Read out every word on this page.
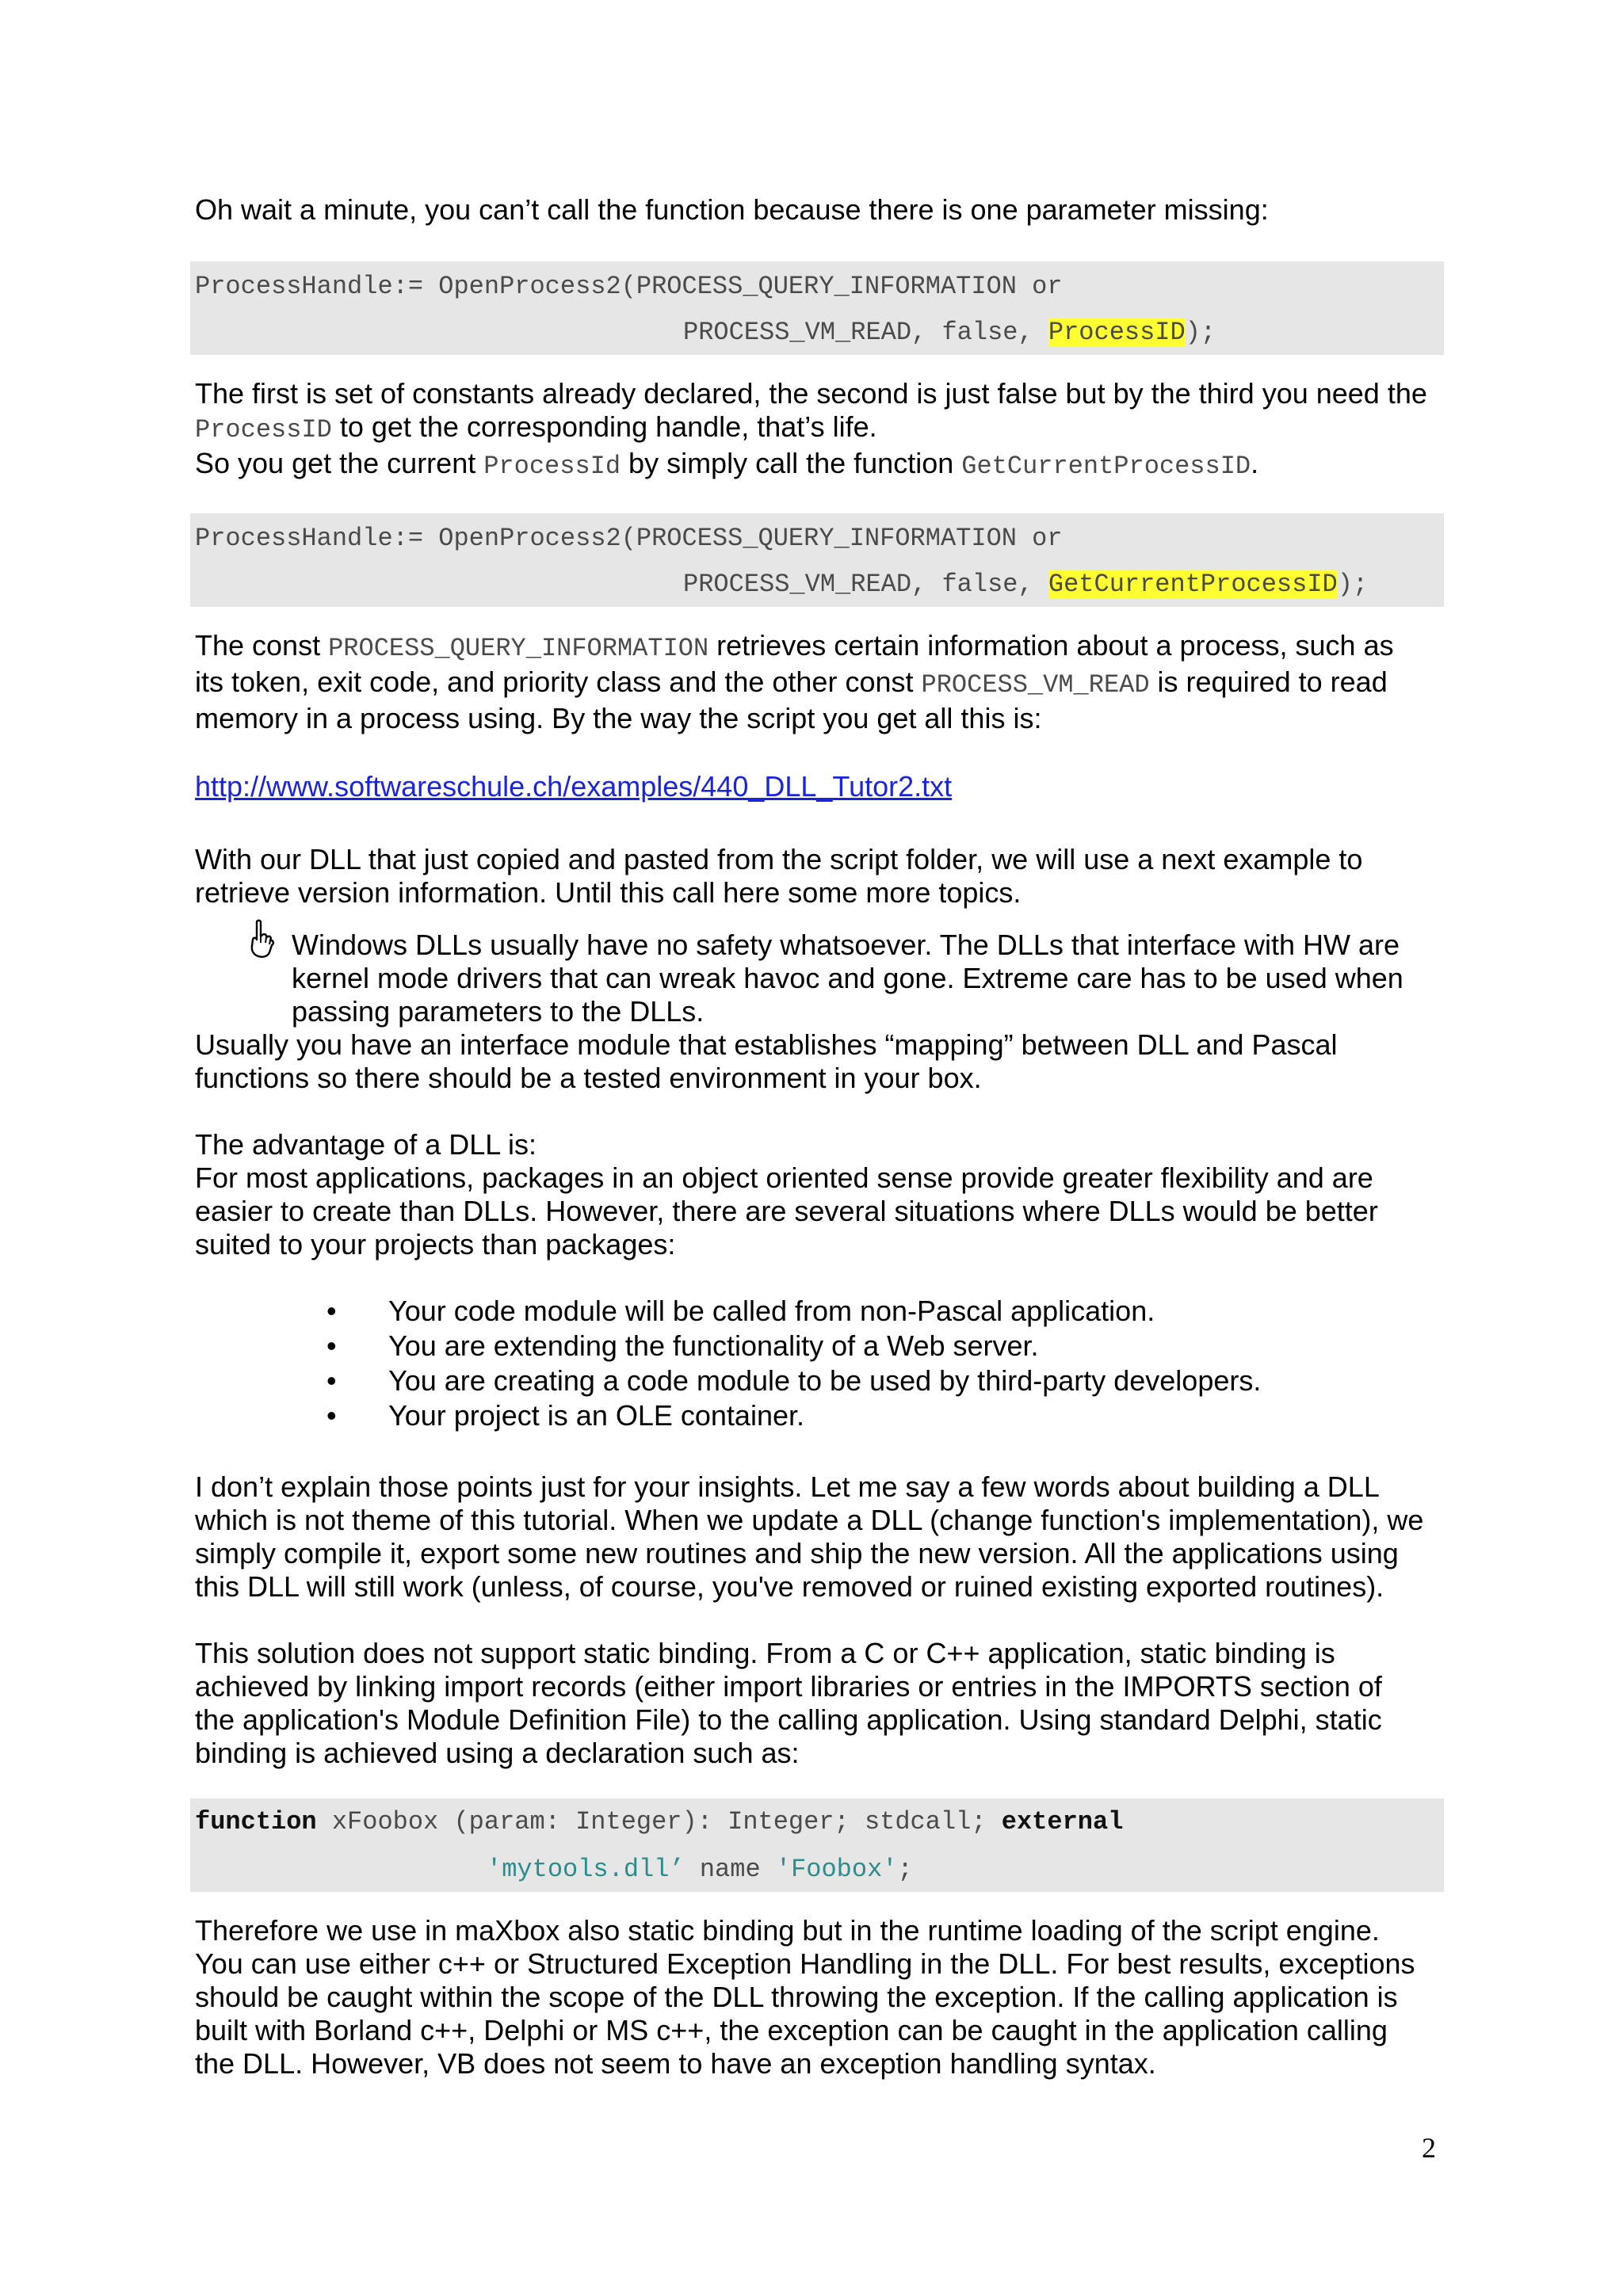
Oh wait a minute, you can’t call the function because there is one parameter missing:
ProcessHandle:= OpenProcess2(PROCESS_QUERY_INFORMATION or
PROCESS_VM_READ, false, ProcessID);
The first is set of constants already declared, the second is just false but by the third you need the
ProcessID to get the corresponding handle, that’s life.
So you get the current ProcessId by simply call the function GetCurrentProcessID.
ProcessHandle:= OpenProcess2(PROCESS_QUERY_INFORMATION or
PROCESS_VM_READ, false, GetCurrentProcessID);
The const PROCESS_QUERY_INFORMATION retrieves certain information about a process, such as
its token, exit code, and priority class and the other const PROCESS_VM_READ is required to read
memory in a process using. By the way the script you get all this is:
http://www.softwareschule.ch/examples/440_DLL_Tutor2.txt
With our DLL that just copied and pasted from the script folder, we will use a next example to
retrieve version information. Until this call here some more topics.
Windows DLLs usually have no safety whatsoever. The DLLs that interface with HW are
kernel mode drivers that can wreak havoc and gone. Extreme care has to be used when
passing parameters to the DLLs.
Usually you have an interface module that establishes “mapping” between DLL and Pascal
functions so there should be a tested environment in your box.
The advantage of a DLL is:
For most applications, packages in an object oriented sense provide greater flexibility and are
easier to create than DLLs. However, there are several situations where DLLs would be better
suited to your projects than packages:
• Your code module will be called from non-Pascal application.
• You are extending the functionality of a Web server.
• You are creating a code module to be used by third-party developers.
• Your project is an OLE container.
I don’t explain those points just for your insights. Let me say a few words about building a DLL
which is not theme of this tutorial. When we update a DLL (change function's implementation), we
simply compile it, export some new routines and ship the new version. All the applications using
this DLL will still work (unless, of course, you've removed or ruined existing exported routines).
This solution does not support static binding. From a C or C++ application, static binding is
achieved by linking import records (either import libraries or entries in the IMPORTS section of
the application's Module Definition File) to the calling application. Using standard Delphi, static
binding is achieved using a declaration such as:
function xFoobox (param: Integer): Integer; stdcall; external
'mytools.dll’ name 'Foobox';
Therefore we use in maXbox also static binding but in the runtime loading of the script engine.
You can use either c++ or Structured Exception Handling in the DLL. For best results, exceptions
should be caught within the scope of the DLL throwing the exception. If the calling application is
built with Borland c++, Delphi or MS c++, the exception can be caught in the application calling
the DLL. However, VB does not seem to have an exception handling syntax.
2
